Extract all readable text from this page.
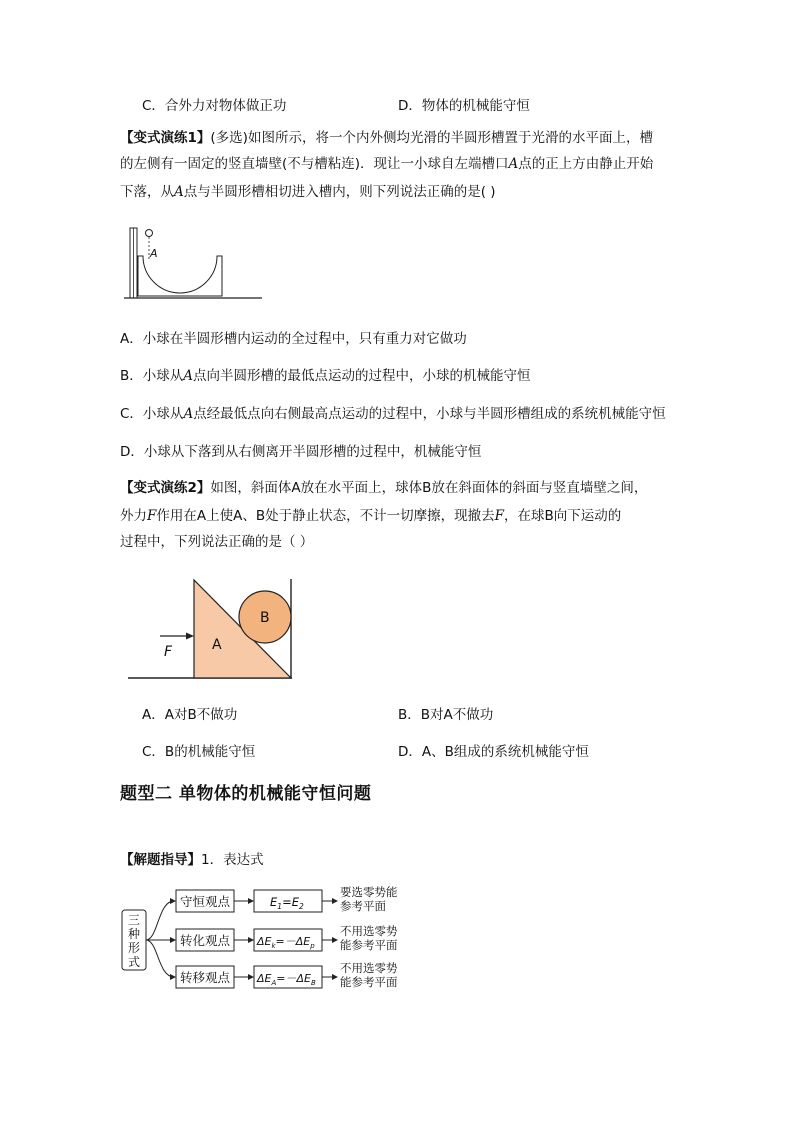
C．合外力对物体做正功	D．物体的机械能守恒
【变式演练1】(多选)如图所示，将一个内外侧均光滑的半圆形槽置于光滑的水平面上，槽
的左侧有一固定的竖直墙壁(不与槽粘连)．现让一小球自左端槽口A点的正上方由静止开始
下落，从A点与半圆形槽相切进入槽内，则下列说法正确的是( )
A
A．小球在半圆形槽内运动的全过程中，只有重力对它做功
B．小球从A点向半圆形槽的最低点运动的过程中，小球的机械能守恒
C．小球从A点经最低点向右侧最高点运动的过程中，小球与半圆形槽组成的系统机械能守恒
D．小球从下落到从右侧离开半圆形槽的过程中，机械能守恒
【变式演练2】如图，斜面体A放在水平面上，球体B放在斜面体的斜面与竖直墙壁之间，
外力F作用在A上使A、B处于静止状态，不计一切摩擦，现撤去F，在球B向下运动的
过程中，下列说法正确的是（ ）
A
B
F
A．A对B不做功	B．B对A不做功
C．B的机械能守恒	D．A、B组成的系统机械能守恒
题型二 单物体的机械能守恒问题
【解题指导】1．表达式
三
种
形
式
守恒观点	$E_1=E_2$
要选零势能
参考平面
转化观点 $\Delta E_k=-\Delta E_p$
不用选零势
能参考平面
转移观点 $\Delta E_A=-\Delta E_B$
不用选零势
能参考平面
